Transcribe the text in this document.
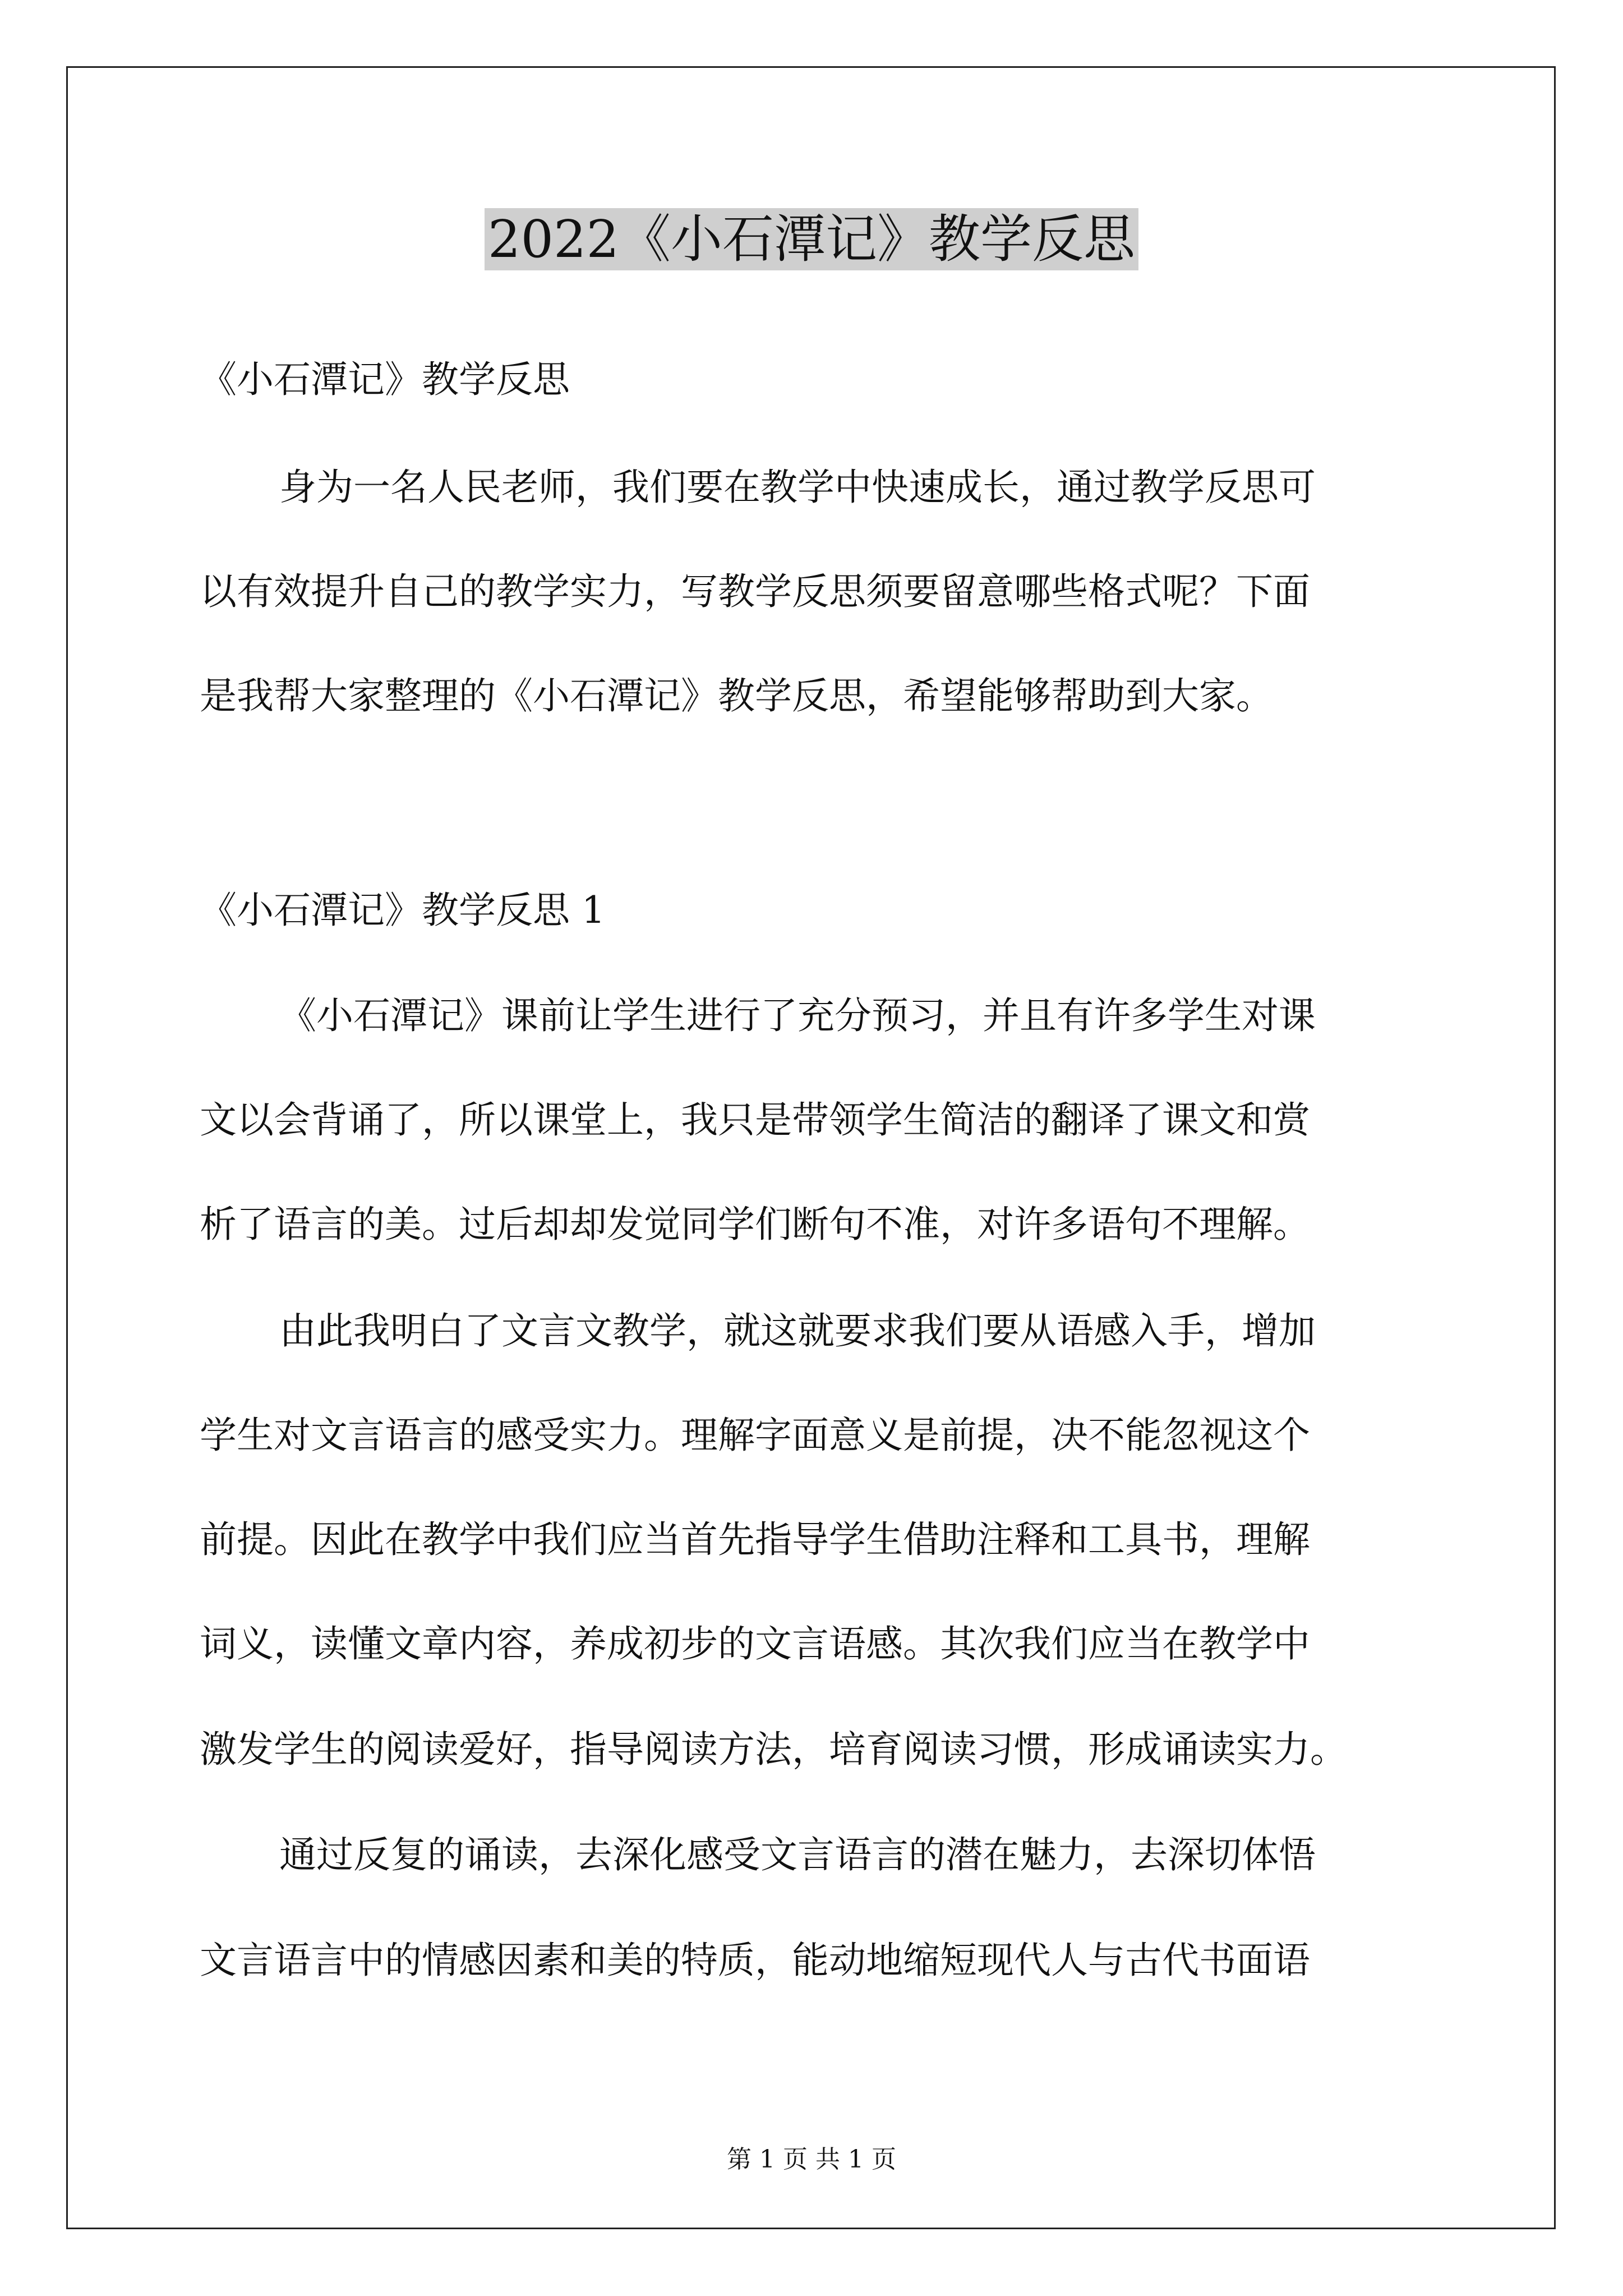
2022《小石潭记》教学反思

《小石潭记》教学反思

身为一名人民老师，我们要在教学中快速成长，通过教学反思可

以有效提升自己的教学实力，写教学反思须要留意哪些格式呢？下面

是我帮大家整理的《小石潭记》教学反思，希望能够帮助到大家。

《小石潭记》教学反思 1

《小石潭记》课前让学生进行了充分预习，并且有许多学生对课

文以会背诵了，所以课堂上，我只是带领学生简洁的翻译了课文和赏

析了语言的美。过后却却发觉同学们断句不准，对许多语句不理解。

由此我明白了文言文教学，就这就要求我们要从语感入手，增加

学生对文言语言的感受实力。理解字面意义是前提，决不能忽视这个

前提。因此在教学中我们应当首先指导学生借助注释和工具书，理解

词义，读懂文章内容，养成初步的文言语感。其次我们应当在教学中

激发学生的阅读爱好，指导阅读方法，培育阅读习惯，形成诵读实力。

通过反复的诵读，去深化感受文言语言的潜在魅力，去深切体悟

文言语言中的情感因素和美的特质，能动地缩短现代人与古代书面语

第 1 页 共 1 页
